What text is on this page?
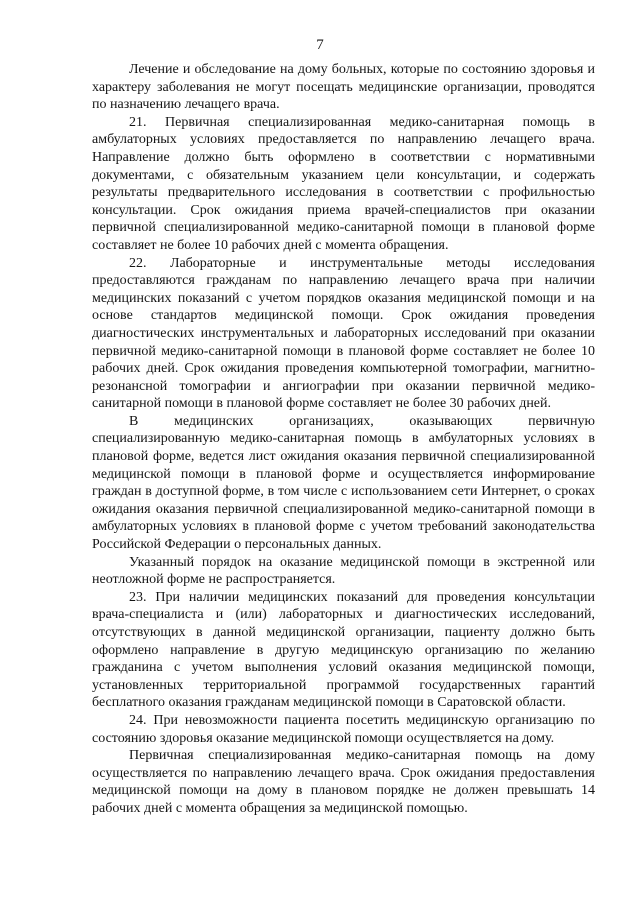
7

Лечение и обследование на дому больных, которые по состоянию здоровья и характеру заболевания не могут посещать медицинские организации, проводятся по назначению лечащего врача.

21. Первичная специализированная медико-санитарная помощь в амбулаторных условиях предоставляется по направлению лечащего врача. Направление должно быть оформлено в соответствии с нормативными документами, с обязательным указанием цели консультации, и содержать результаты предварительного исследования в соответствии с профильностью консультации. Срок ожидания приема врачей-специалистов при оказании первичной специализированной медико-санитарной помощи в плановой форме составляет не более 10 рабочих дней с момента обращения.

22. Лабораторные и инструментальные методы исследования предоставляются гражданам по направлению лечащего врача при наличии медицинских показаний с учетом порядков оказания медицинской помощи и на основе стандартов медицинской помощи. Срок ожидания проведения диагностических инструментальных и лабораторных исследований при оказании первичной медико-санитарной помощи в плановой форме составляет не более 10 рабочих дней. Срок ожидания проведения компьютерной томографии, магнитно-резонансной томографии и ангиографии при оказании первичной медико-санитарной помощи в плановой форме составляет не более 30 рабочих дней.

В медицинских организациях, оказывающих первичную специализированную медико-санитарная помощь в амбулаторных условиях в плановой форме, ведется лист ожидания оказания первичной специализированной медицинской помощи в плановой форме и осуществляется информирование граждан в доступной форме, в том числе с использованием сети Интернет, о сроках ожидания оказания первичной специализированной медико-санитарной помощи в амбулаторных условиях в плановой форме с учетом требований законодательства Российской Федерации о персональных данных.

Указанный порядок на оказание медицинской помощи в экстренной или неотложной форме не распространяется.

23. При наличии медицинских показаний для проведения консультации врача-специалиста и (или) лабораторных и диагностических исследований, отсутствующих в данной медицинской организации, пациенту должно быть оформлено направление в другую медицинскую организацию по желанию гражданина с учетом выполнения условий оказания медицинской помощи, установленных территориальной программой государственных гарантий бесплатного оказания гражданам медицинской помощи в Саратовской области.

24. При невозможности пациента посетить медицинскую организацию по состоянию здоровья оказание медицинской помощи осуществляется на дому.

Первичная специализированная медико-санитарная помощь на дому осуществляется по направлению лечащего врача. Срок ожидания предоставления медицинской помощи на дому в плановом порядке не должен превышать 14 рабочих дней с момента обращения за медицинской помощью.
